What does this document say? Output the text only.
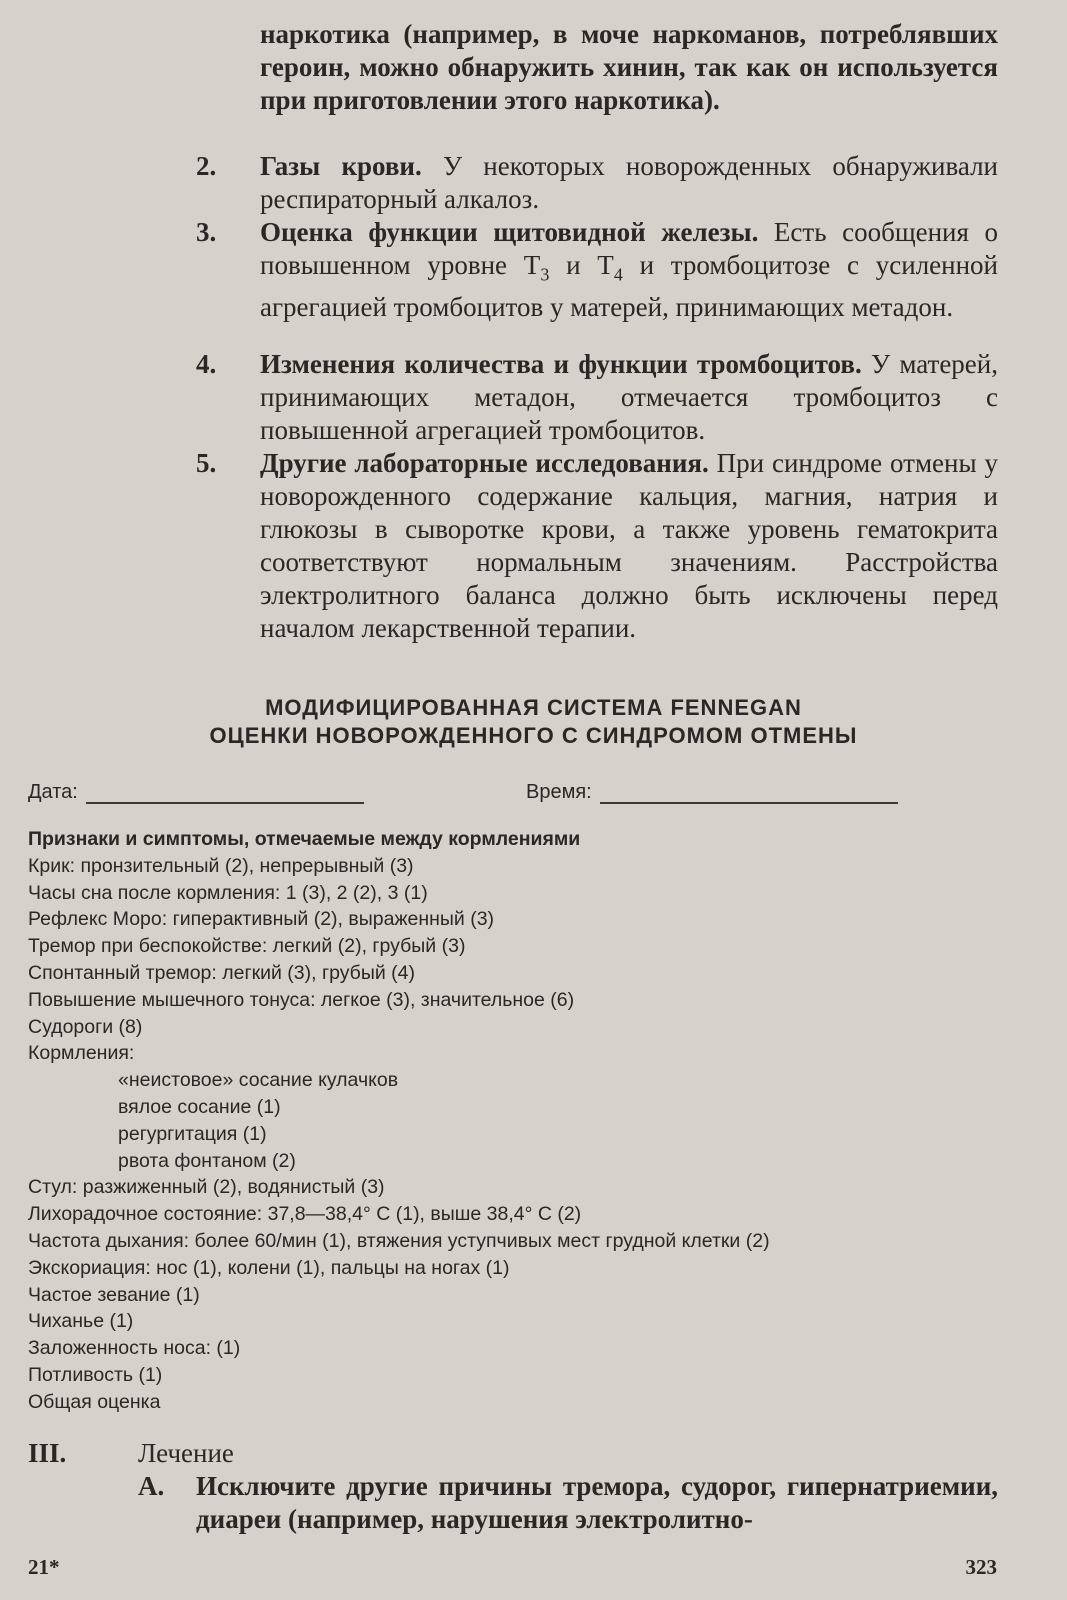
наркотика (например, в моче наркоманов, потреблявших героин, можно обнаружить хинин, так как он используется при приготовлении этого наркотика).
2. Газы крови. У некоторых новорожденных обнаруживали респираторный алкалоз.
3. Оценка функции щитовидной железы. Есть сообщения о повышенном уровне $T_3$ и $T_4$ и тромбоцитозе с усиленной агрегацией тромбоцитов у матерей, принимающих метадон.
4. Изменения количества и функции тромбоцитов. У матерей, принимающих метадон, отмечается тромбоцитоз с повышенной агрегацией тромбоцитов.
5. Другие лабораторные исследования. При синдроме отмены у новорожденного содержание кальция, магния, натрия и глюкозы в сыворотке крови, а также уровень гематокрита соответствуют нормальным значениям. Расстройства электролитного баланса должно быть исключены перед началом лекарственной терапии.
МОДИФИЦИРОВАННАЯ СИСТЕМА FENNEGAN
ОЦЕНКИ НОВОРОЖДЕННОГО С СИНДРОМОМ ОТМЕНЫ
Дата:	Время:
Признаки и симптомы, отмечаемые между кормлениями
Крик: пронзительный (2), непрерывный (3)
Часы сна после кормления: 1 (3), 2 (2), 3 (1)
Рефлекс Моро: гиперактивный (2), выраженный (3)
Тремор при беспокойстве: легкий (2), грубый (3)
Спонтанный тремор: легкий (3), грубый (4)
Повышение мышечного тонуса: легкое (3), значительное (6)
Судороги (8)
Кормления:
«неистовое» сосание кулачков
вялое сосание (1)
регургитация (1)
рвота фонтаном (2)
Стул: разжиженный (2), водянистый (3)
Лихорадочное состояние: 37,8—38,4° C (1), выше 38,4° C (2)
Частота дыхания: более 60/мин (1), втяжения уступчивых мест грудной клетки (2)
Экскориация: нос (1), колени (1), пальцы на ногах (1)
Частое зевание (1)
Чиханье (1)
Заложенность носа: (1)
Потливость (1)
Общая оценка
III.	Лечение
А. Исключите другие причины тремора, судорог, гипернатриемии, диареи (например, нарушения электролитно-
21*	323
